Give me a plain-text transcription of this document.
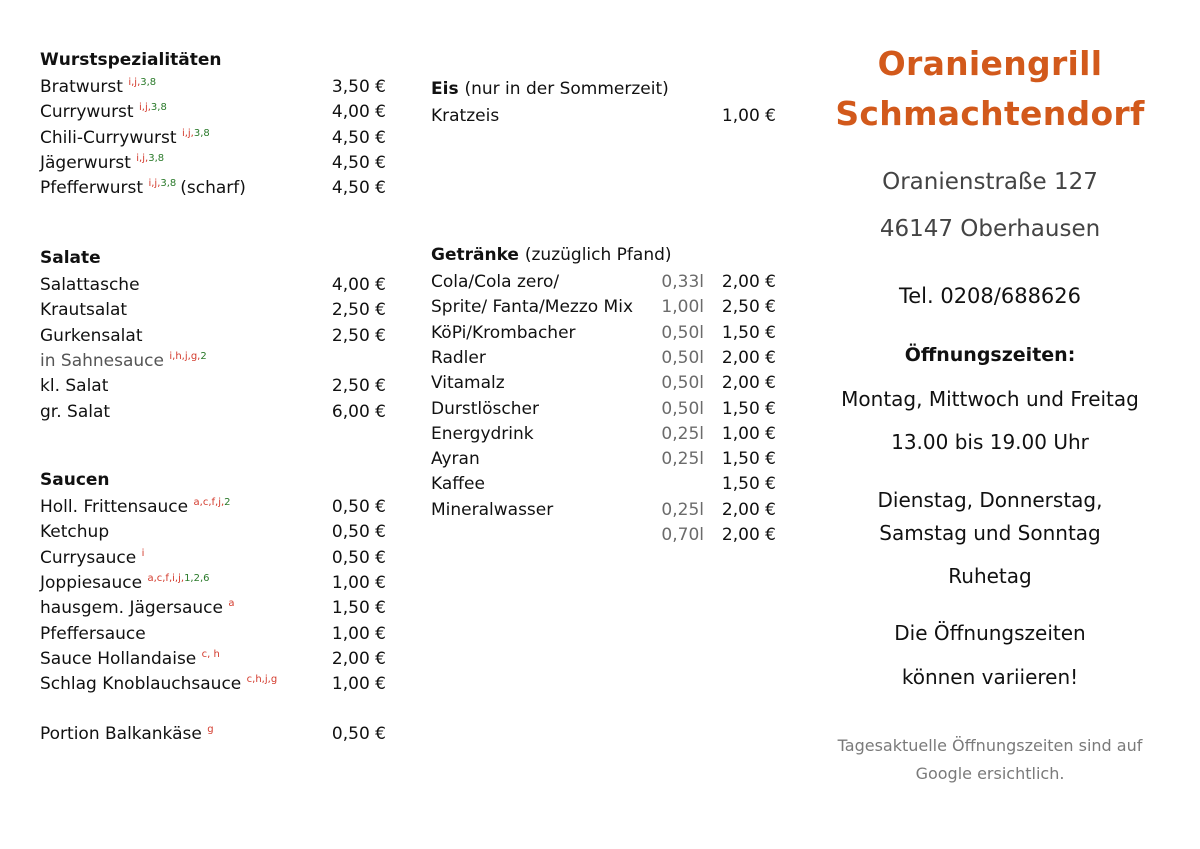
Wurstspezialitäten
Bratwurst $^{i,j,3,8}$	3,50 €
Currywurst $^{i,j,3,8}$	4,00 €
Chili-Currywurst $^{i,j,3,8}$	4,50 €
Jägerwurst $^{i,j,3,8}$	4,50 €
Pfefferwurst $^{i,j,3,8}$ (scharf)	4,50 €
Salate
Salattasche	4,00 €
Krautsalat	2,50 €
Gurkensalat	2,50 €
in Sahnesauce $^{i,h,j,g,2}$
kl. Salat	2,50 €
gr. Salat	6,00 €
Saucen
Holl. Frittensauce $^{a,c,f,j,2}$	0,50 €
Ketchup	0,50 €
Currysauce $^i$	0,50 €
Joppiesauce $^{a,c,f,i,j,1,2,6}$	1,00 €
hausgem. Jägersauce $^a$	1,50 €
Pfeffersauce	1,00 €
Sauce Hollandaise $^{c, h}$	2,00 €
Schlag Knoblauchsauce $^{c,h,j,g}$	1,00 €
Portion Balkankäse $^g$	0,50 €
Eis (nur in der Sommerzeit)
Kratzeis	1,00 €
Getränke (zuzüglich Pfand)
Cola/Cola zero/	0,33l 2,00 €
Sprite/ Fanta/Mezzo Mix 1,00l 2,50 €
KöPi/Krombacher	0,50l 1,50 €
Radler	0,50l 2,00 €
Vitamalz	0,50l 2,00 €
Durstlöscher	0,50l 1,50 €
Energydrink	0,25l 1,00 €
Ayran	0,25l 1,50 €
Kaffee	1,50 €
Mineralwasser	0,25l 2,00 €
0,70l 2,00 €
Oraniengrill
Schmachtendorf
Oranienstraße 127
46147 Oberhausen
Tel. 0208/688626
Öffnungszeiten:
Montag, Mittwoch und Freitag
13.00 bis 19.00 Uhr
Dienstag, Donnerstag,
Samstag und Sonntag
Ruhetag
Die Öffnungszeiten
können variieren!
Tagesaktuelle Öffnungszeiten sind auf
Google ersichtlich.
